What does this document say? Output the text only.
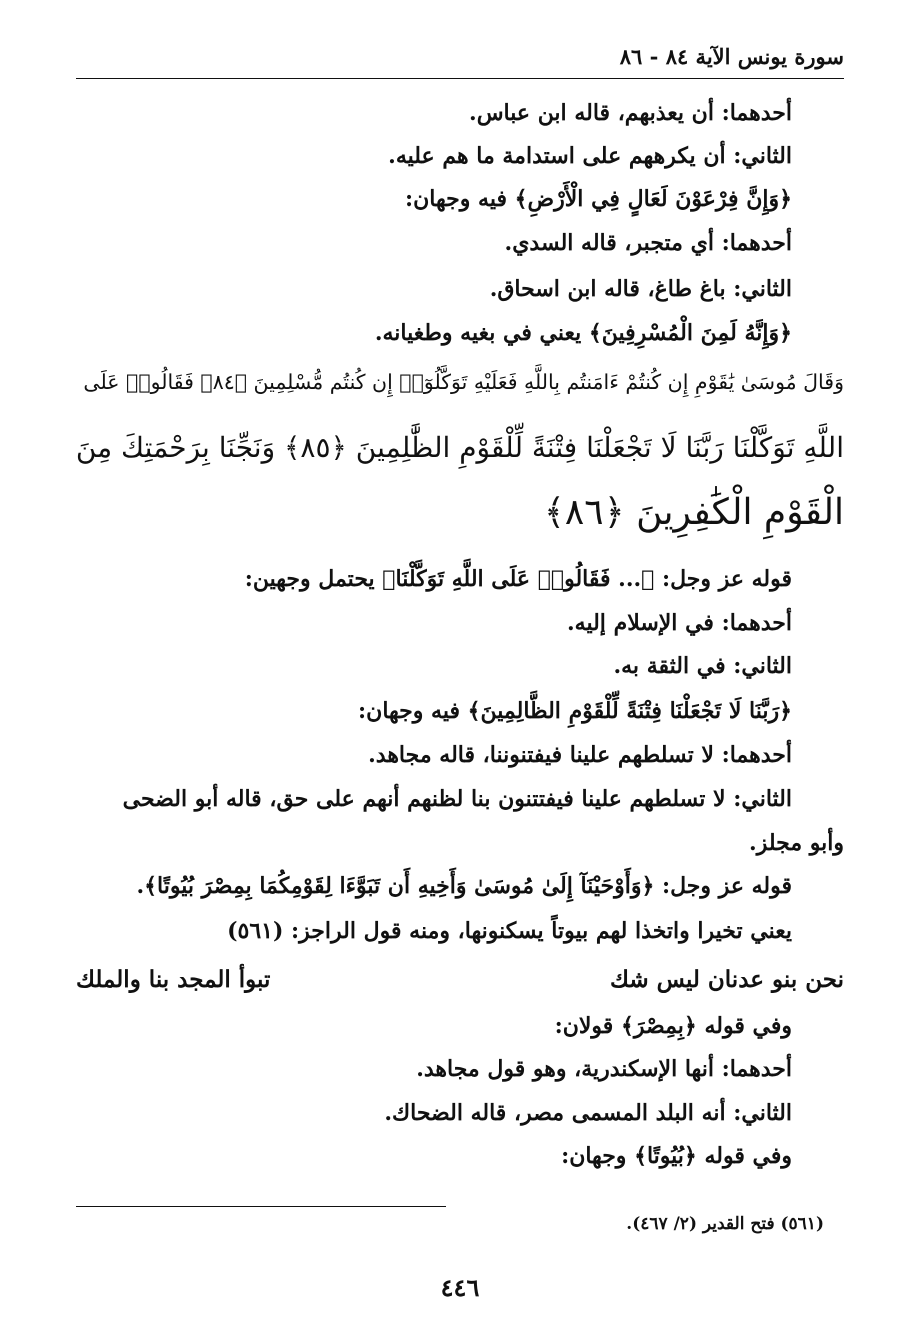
سورة يونس الآية ٨٤ - ٨٦
أحدهما: أن يعذبهم، قاله ابن عباس.
الثاني: أن يكرههم على استدامة ما هم عليه.
﴿وَإِنَّ فِرْعَوْنَ لَعَالٍ فِي الْأَرْضِ﴾ فيه وجهان:
أحدهما: أي متجبر، قاله السدي.
الثاني: باغ طاغ، قاله ابن اسحاق.
﴿وَإِنَّهُ لَمِنَ الْمُسْرِفِينَ﴾ يعني في بغيه وطغيانه.
وَقَالَ مُوسَىٰ يَٰقَوْمِ إِن كُنتُمْ ءَامَنتُم بِاللَّهِ فَعَلَيْهِ تَوَكَّلُوٓا۟ إِن كُنتُم مُّسْلِمِينَ ﴿٨٤﴾ فَقَالُوا۟ عَلَى
اللَّهِ تَوَكَّلْنَا رَبَّنَا لَا تَجْعَلْنَا فِتْنَةً لِّلْقَوْمِ الظَّٰلِمِينَ ﴿٨٥﴾ وَنَجِّنَا بِرَحْمَتِكَ مِنَ
الْقَوْمِ الْكَٰفِرِينَ ﴿٨٦﴾
قوله عز وجل: ﴿... فَقَالُوا۟ عَلَى اللَّهِ تَوَكَّلْنَا﴾ يحتمل وجهين:
أحدهما: في الإسلام إليه.
الثاني: في الثقة به.
﴿رَبَّنَا لَا تَجْعَلْنَا فِتْنَةً لِّلْقَوْمِ الظَّالِمِينَ﴾ فيه وجهان:
أحدهما: لا تسلطهم علينا فيفتنوننا، قاله مجاهد.
الثاني: لا تسلطهم علينا فيفتتنون بنا لظنهم أنهم على حق، قاله أبو الضحى
وأبو مجلز.
قوله عز وجل: ﴿وَأَوْحَيْنَآ إِلَىٰ مُوسَىٰ وَأَخِيهِ أَن تَبَوَّءَا لِقَوْمِكُمَا بِمِصْرَ بُيُوتًا﴾.
يعني تخيرا واتخذا لهم بيوتاً يسكنونها، ومنه قول الراجز: (٥٦١)
نحن بنو عدنان ليس شك
تبوأ المجد بنا والملك
وفي قوله ﴿بِمِصْرَ﴾ قولان:
أحدهما: أنها الإسكندرية، وهو قول مجاهد.
الثاني: أنه البلد المسمى مصر، قاله الضحاك.
وفي قوله ﴿بُيُوتًا﴾ وجهان:
(٥٦١) فتح القدير (٢/ ٤٦٧).
٤٤٦
